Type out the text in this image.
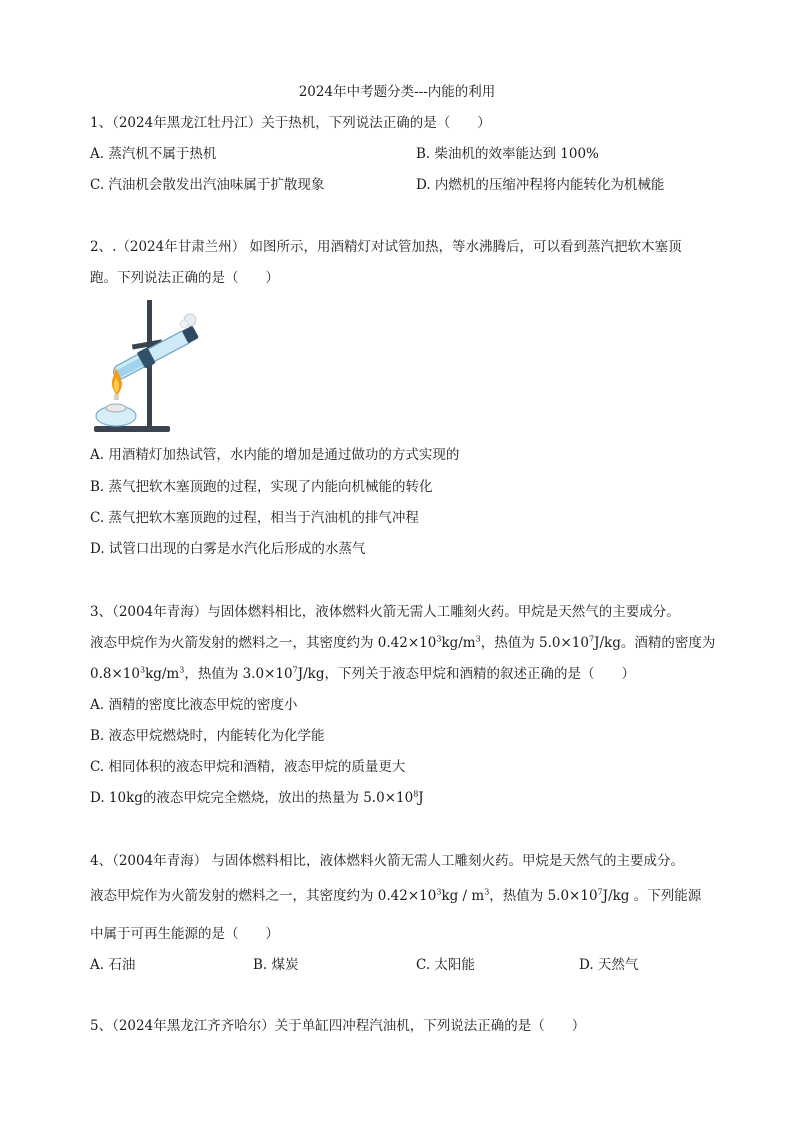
2024年中考题分类---内能的利用
1、（2024年黑龙江牡丹江）关于热机，下列说法正确的是（　　）
A. 蒸汽机不属于热机	B. 柴油机的效率能达到 100%
C. 汽油机会散发出汽油味属于扩散现象	D. 内燃机的压缩冲程将内能转化为机械能
2、.（2024年甘肃兰州） 如图所示，用酒精灯对试管加热，等水沸腾后，可以看到蒸汽把软木塞顶
跑。下列说法正确的是（　　）
A. 用酒精灯加热试管，水内能的增加是通过做功的方式实现的
B. 蒸气把软木塞顶跑的过程，实现了内能向机械能的转化
C. 蒸气把软木塞顶跑的过程，相当于汽油机的排气冲程
D. 试管口出现的白雾是水汽化后形成的水蒸气
3、（2004年青海）与固体燃料相比，液体燃料火箭无需人工雕刻火药。甲烷是天然气的主要成分。
液态甲烷作为火箭发射的燃料之一，其密度约为 $0.42\times 10^3kg/m^3$，热值为 $5.0\times 10^7J/kg$。酒精的密度为
$0.8\times 10^3kg/m^3$，热值为 $3.0\times 10^7J/kg$，下列关于液态甲烷和酒精的叙述正确的是（　　）
A. 酒精的密度比液态甲烷的密度小
B. 液态甲烷燃烧时，内能转化为化学能
C. 相同体积的液态甲烷和酒精，液态甲烷的质量更大
D. 10kg的液态甲烷完全燃烧，放出的热量为 $5.0\times 10^8J$
4、（2004年青海） 与固体燃料相比，液体燃料火箭无需人工雕刻火药。甲烷是天然气的主要成分。
液态甲烷作为火箭发射的燃料之一，其密度约为 $0.42\times 10^3kg / m^3$，热值为 $5.0\times 10^7J/kg$ 。下列能源
中属于可再生能源的是（　　）
A. 石油	B. 煤炭	C. 太阳能	D. 天然气
5、（2024年黑龙江齐齐哈尔）关于单缸四冲程汽油机，下列说法正确的是（　　）
